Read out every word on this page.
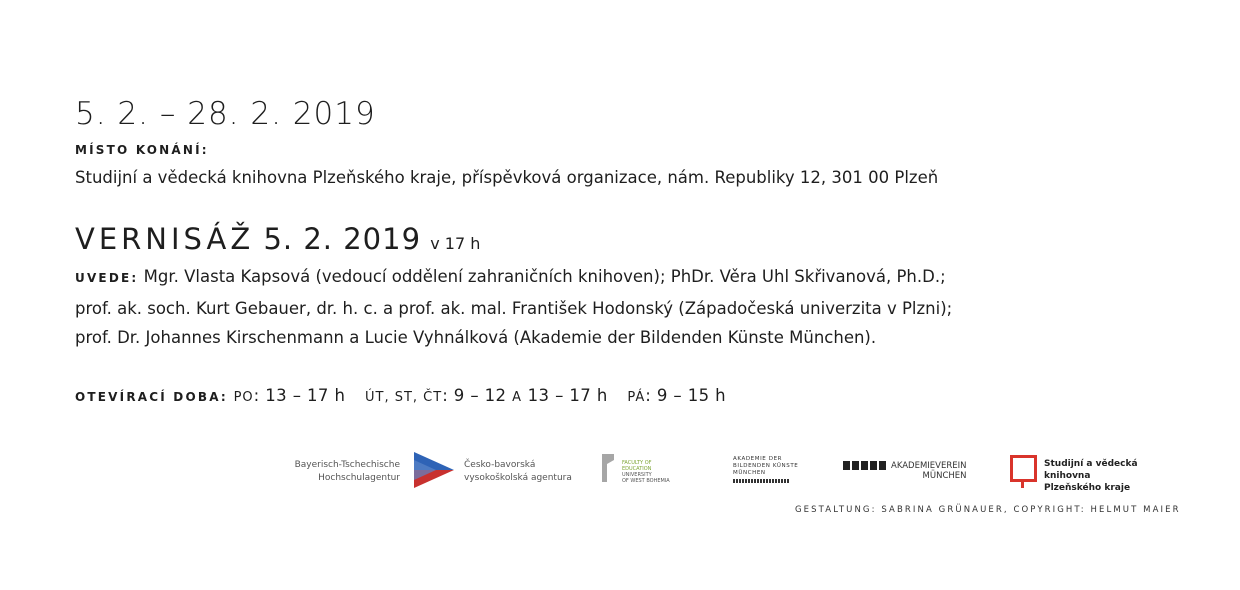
5. 2. – 28. 2. 2019
MÍSTO KONÁNÍ:
Studijní a vědecká knihovna Plzeňského kraje, příspěvková organizace, nám. Republiky 12, 301 00 Plzeň
VERNISÁŽ 5. 2. 2019 v 17 h
UVEDE: Mgr. Vlasta Kapsová (vedoucí oddělení zahraničních knihoven); PhDr. Věra Uhl Skřivanová, Ph.D.;
prof. ak. soch. Kurt Gebauer, dr. h. c. a prof. ak. mal. František Hodonský (Západočeská univerzita v Plzni);
prof. Dr. Johannes Kirschenmann a Lucie Vyhnálková (Akademie der Bildenden Künste München).
OTEVÍRACÍ DOBA: PO: 13 – 17 h ÚT, ST, ČT: 9 – 12 A 13 – 17 h PÁ: 9 – 15 h
Bayerisch-Tschechische
Hochschulagentur
Česko-bavorská
vysokoškolská agentura
FACULTY OF EDUCATION
UNIVERSITY
OF WEST BOHEMIA
AKADEMIE DER
BILDENDEN KÜNSTE
MÜNCHEN
AKADEMIEVEREIN
MÜNCHEN
Studijní a vědecká knihovna
Plzeňského kraje
GESTALTUNG: SABRINA GRÜNAUER, COPYRIGHT: HELMUT MAIER
